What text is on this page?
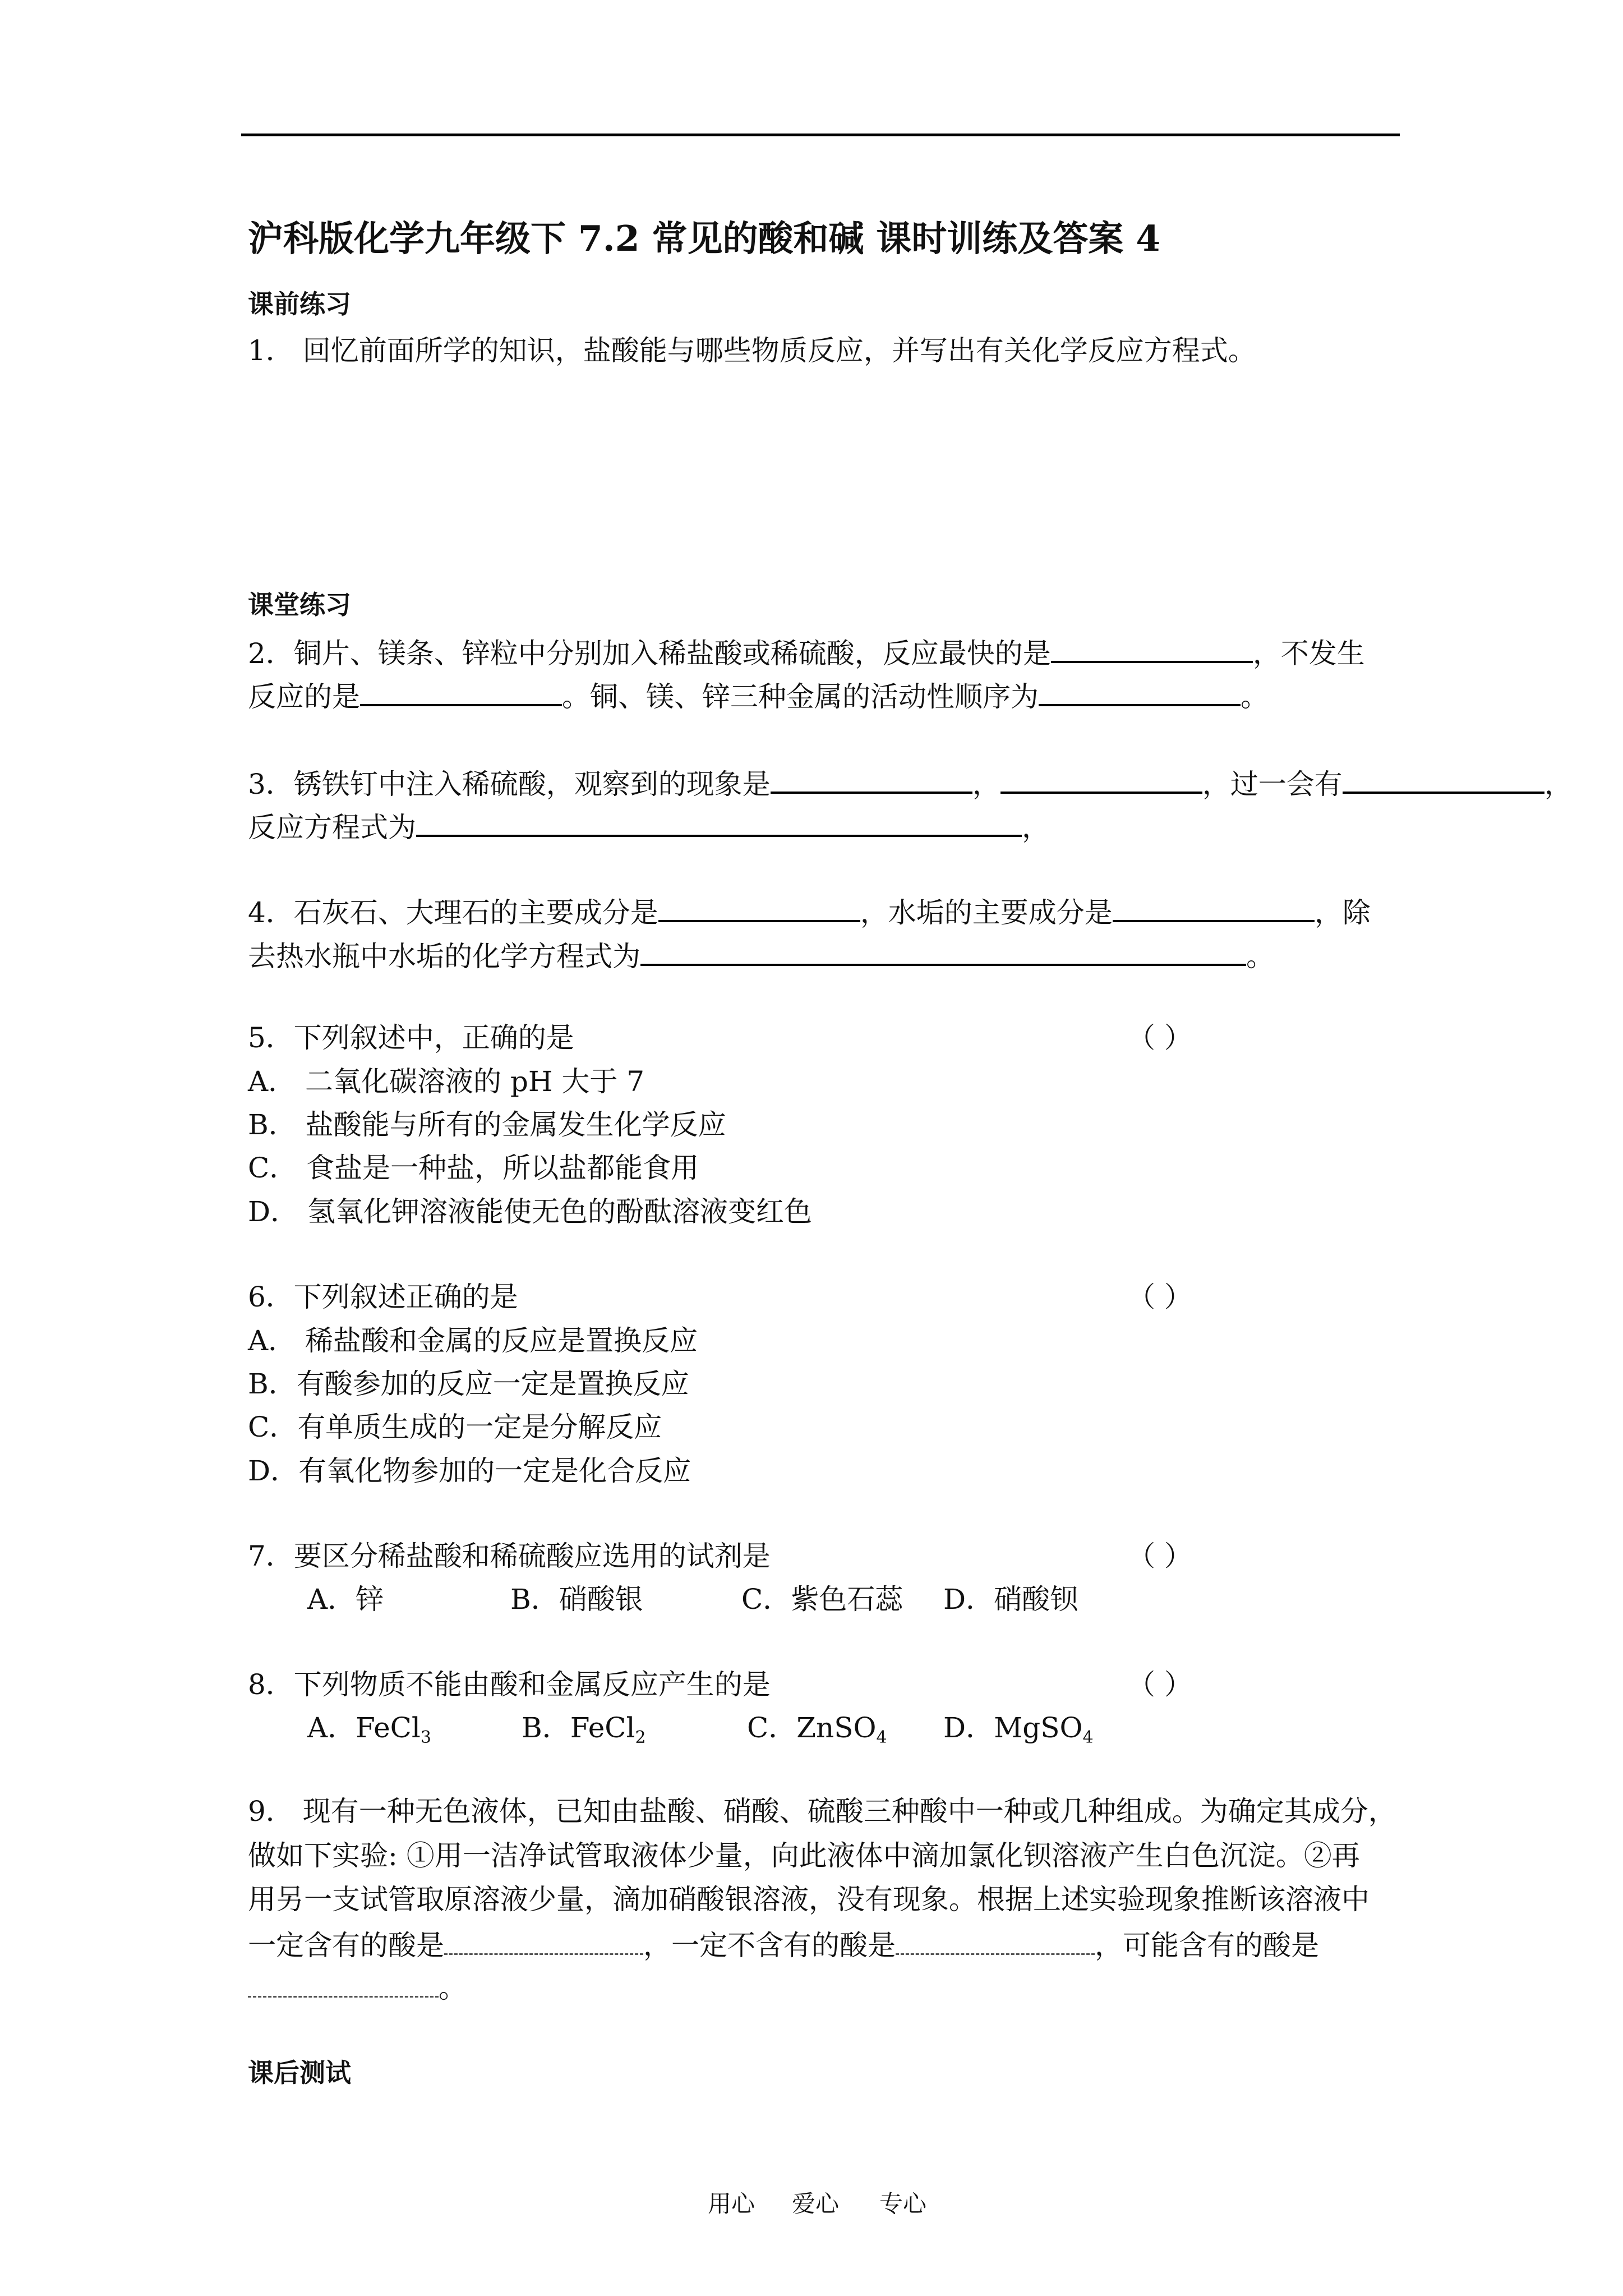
沪科版化学九年级下 7.2 常见的酸和碱 课时训练及答案 4
课前练习
1． 回忆前面所学的知识，盐酸能与哪些物质反应，并写出有关化学反应方程式。
课堂练习
2．铜片、镁条、锌粒中分别加入稀盐酸或稀硫酸，反应最快的是	，不发生
反应的是	。铜、镁、锌三种金属的活动性顺序为	。
3．锈铁钉中注入稀硫酸，观察到的现象是	，	，过一会有	，
反应方程式为	，
4．石灰石、大理石的主要成分是	，水垢的主要成分是	，除
去热水瓶中水垢的化学方程式为	。
5．下列叙述中，正确的是	（ ）
A． 二氧化碳溶液的 pH 大于 7
B． 盐酸能与所有的金属发生化学反应
C． 食盐是一种盐，所以盐都能食用
D． 氢氧化钾溶液能使无色的酚酞溶液变红色
6．下列叙述正确的是	（ ）
A． 稀盐酸和金属的反应是置换反应
B．有酸参加的反应一定是置换反应
C．有单质生成的一定是分解反应
D．有氧化物参加的一定是化合反应
7．要区分稀盐酸和稀硫酸应选用的试剂是	（ ）
A．锌	B．硝酸银	C．紫色石蕊 D．硝酸钡
8．下列物质不能由酸和金属反应产生的是	（ ）
A．FeCl$_3$	B．FeCl$_2$	C．ZnSO$_4$ D．MgSO$_4$
9． 现有一种无色液体，已知由盐酸、硝酸、硫酸三种酸中一种或几种组成。为确定其成分，
做如下实验: ①用一洁净试管取液体少量，向此液体中滴加氯化钡溶液产生白色沉淀。②再
用另一支试管取原溶液少量，滴加硝酸银溶液，没有现象。根据上述实验现象推断该溶液中
一定含有的酸是	，一定不含有的酸是	，可能含有的酸是
。
课后测试
用心 爱心 专心
